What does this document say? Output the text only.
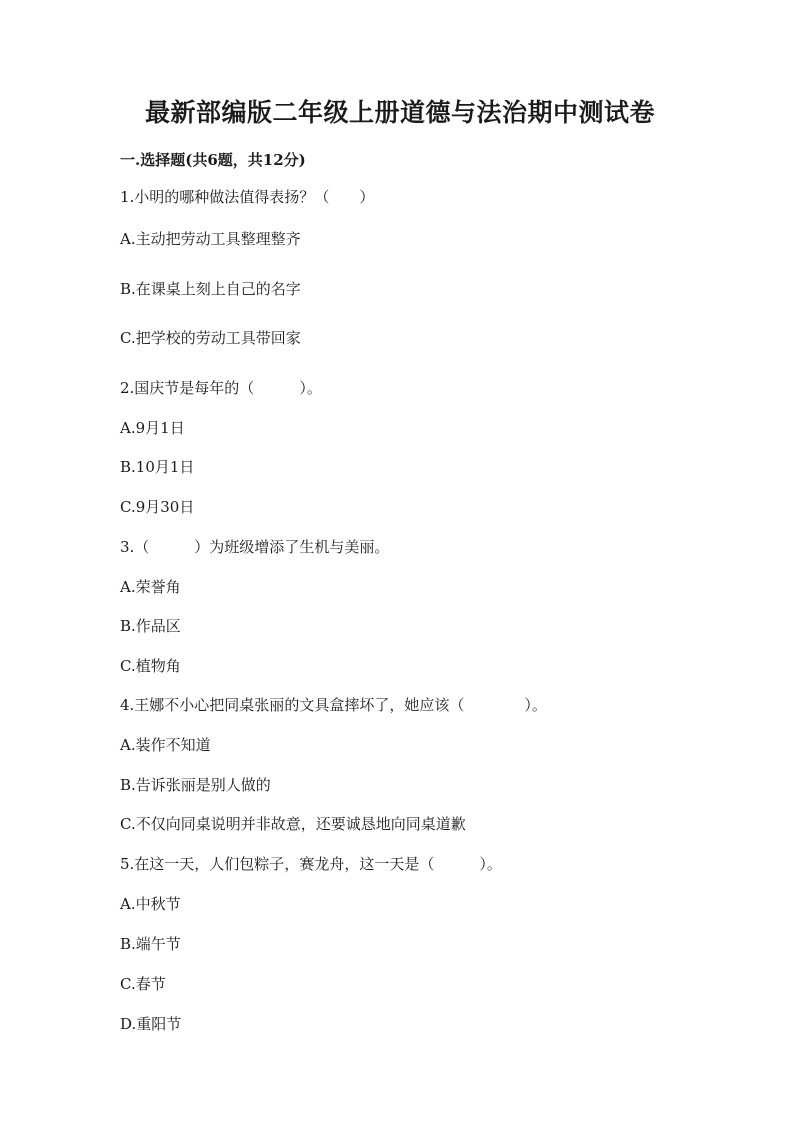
最新部编版二年级上册道德与法治期中测试卷
一.选择题(共6题，共12分)
1.小明的哪种做法值得表扬？（　　）
A.主动把劳动工具整理整齐
B.在课桌上刻上自己的名字
C.把学校的劳动工具带回家
2.国庆节是每年的（　　　）。
A.9月1日
B.10月1日
C.9月30日
3.（　　　）为班级增添了生机与美丽。
A.荣誉角
B.作品区
C.植物角
4.王娜不小心把同桌张丽的文具盒摔坏了，她应该（　　　　）。
A.装作不知道
B.告诉张丽是别人做的
C.不仅向同桌说明并非故意，还要诚恳地向同桌道歉
5.在这一天，人们包粽子，赛龙舟，这一天是（　　　）。
A.中秋节
B.端午节
C.春节
D.重阳节
